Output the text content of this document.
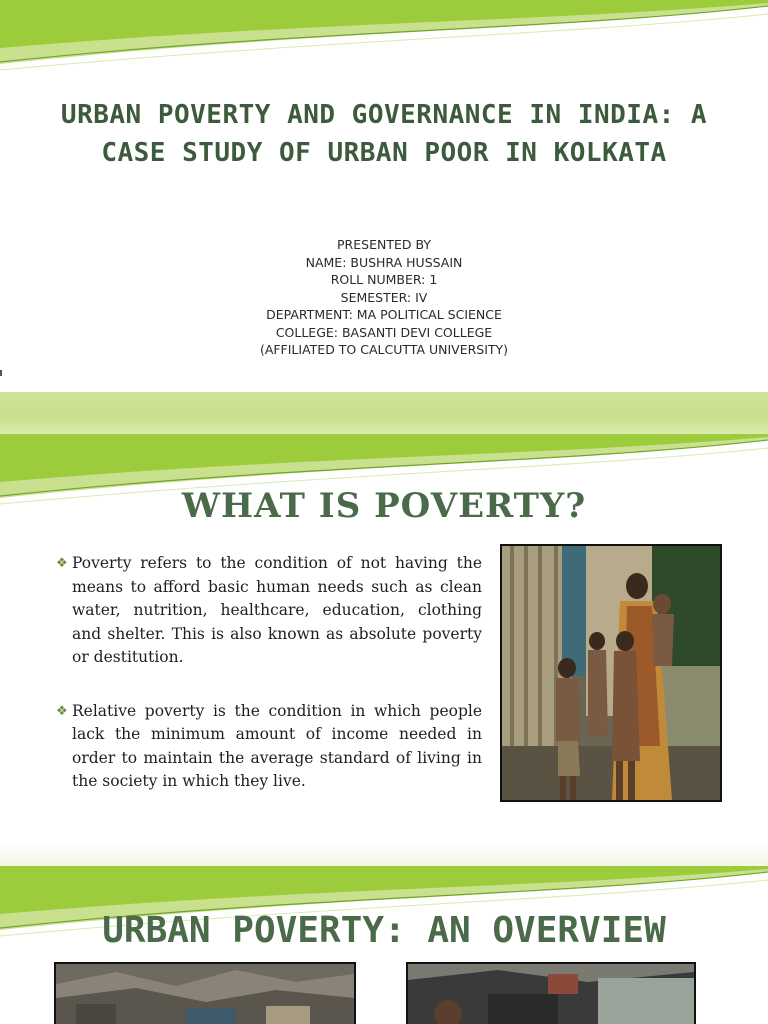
URBAN POVERTY AND GOVERNANCE IN INDIA: A CASE STUDY OF URBAN POOR IN KOLKATA
PRESENTED BY
NAME: BUSHRA HUSSAIN
ROLL NUMBER: 1
SEMESTER: IV
DEPARTMENT: MA POLITICAL SCIENCE
COLLEGE: BASANTI DEVI COLLEGE
(AFFILIATED TO CALCUTTA UNIVERSITY)
WHAT IS POVERTY?

❖ Poverty refers to the condition of not having the means to afford basic human needs such as clean water, nutrition, healthcare, education, clothing and shelter. This is also known as absolute poverty or destitution.

❖ Relative poverty is the condition in which people lack the minimum amount of income needed in order to maintain the average standard of living in the society in which they live.

URBAN POVERTY: AN OVERVIEW
